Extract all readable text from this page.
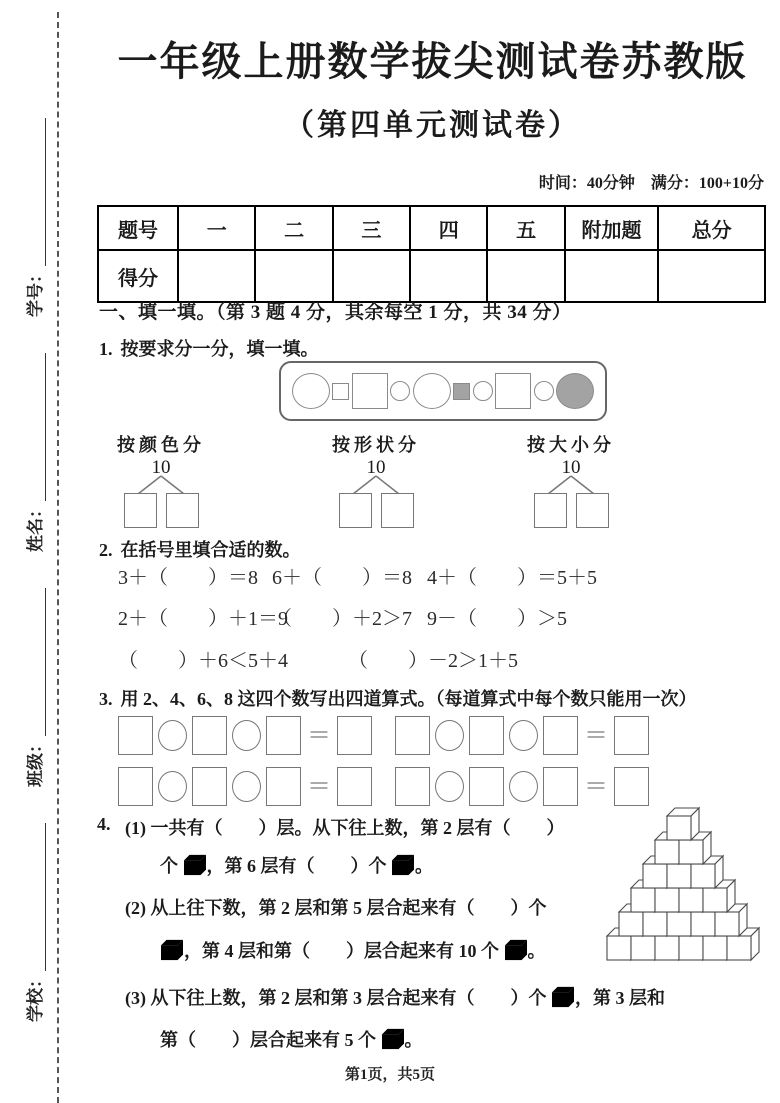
学校：
班级：
姓名：
学号：
一年级上册数学拔尖测试卷苏教版
（第四单元测试卷）
时间：40分钟　满分：100+10分
题号	一	二	三	四	五	附加题	总分
得分							
一、填一填。（第 3 题 4 分，其余每空 1 分，共 34 分）
1. 按要求分一分，填一填。
按颜色分
10
按形状分
10
按大小分
10
2. 在括号里填合适的数。
3＋（　　）＝8 6＋（　　）＝8 4＋（　　）＝5＋5
2＋（　　）＋1＝9
（　　）＋2＞7 9－（　　）＞5
（　　）＋6＜5＋4	（　　）－2＞1＋5
3. 用 2、4、6、8 这四个数写出四道算式。（每道算式中每个数只能用一次）
＝	＝
＝	＝
4. (1) 一共有（　　）层。从下往上数，第 2 层有（　　）
个 ，第 6 层有（　　）个 。
(2) 从上往下数，第 2 层和第 5 层合起来有（　　）个
，第 4 层和第（　　）层合起来有 10 个 。
(3) 从下往上数，第 2 层和第 3 层合起来有（　　）个 ，第 3 层和
第（　　）层合起来有 5 个 。
第1页，共5页
